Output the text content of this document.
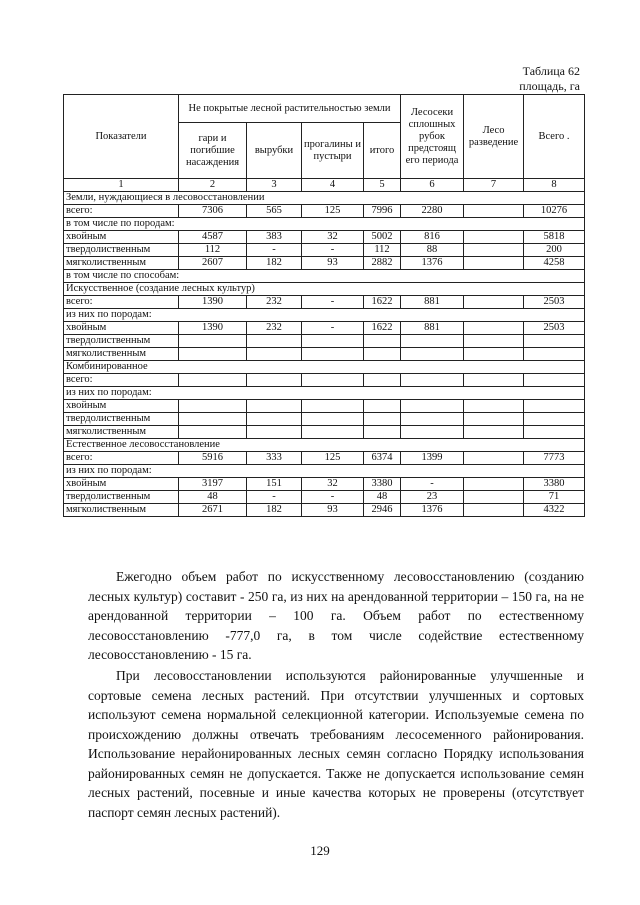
Таблица 62
площадь, га
Показатели	Не покрытые лесной растительностью земли				Лесосеки сплошных рубок предстоящ его периода	Лесо разведение	Всего .
	гари и погибшие насаждения	вырубки	прогалины и пустыри	итого			
1	2	3	4	5	6	7	8
Земли, нуждающиеся в лесовосстановлении							
всего:	7306	565	125	7996	2280		10276
в том числе по породам:							
хвойным	4587	383	32	5002	816		5818
твердолиственным	112	-	-	112	88		200
мягколиственным	2607	182	93	2882	1376		4258
в том числе по способам:							
Искусственное (создание лесных культур)							
всего:	1390	232	-	1622	881		2503
из них по породам:							
хвойным	1390	232	-	1622	881		2503
твердолиственным							
мягколиственным							
Комбинированное							
всего:							
из них по породам:							
хвойным							
твердолиственным							
мягколиственным							
Естественное лесовосстановление							
всего:	5916	333	125	6374	1399		7773
из них по породам:							
хвойным	3197	151	32	3380	-		3380
твердолиственным	48	-	-	48	23		71
мягколиственным	2671	182	93	2946	1376		4322
Ежегодно объем работ по искусственному лесовосстановлению (созданию лесных культур) составит - 250 га, из них на арендованной территории – 150 га, на не арендованной территории – 100 га. Объем работ по естественному лесовосстановлению -777,0 га, в том числе содействие естественному лесовосстановлению - 15 га.
При лесовосстановлении используются районированные улучшенные и сортовые семена лесных растений. При отсутствии улучшенных и сортовых используют семена нормальной селекционной категории. Используемые семена по происхождению должны отвечать требованиям лесосеменного районирования. Использование нерайонированных лесных семян согласно Порядку использования районированных семян не допускается. Также не допускается использование семян лесных растений, посевные и иные качества которых не проверены (отсутствует паспорт семян лесных растений).
129
